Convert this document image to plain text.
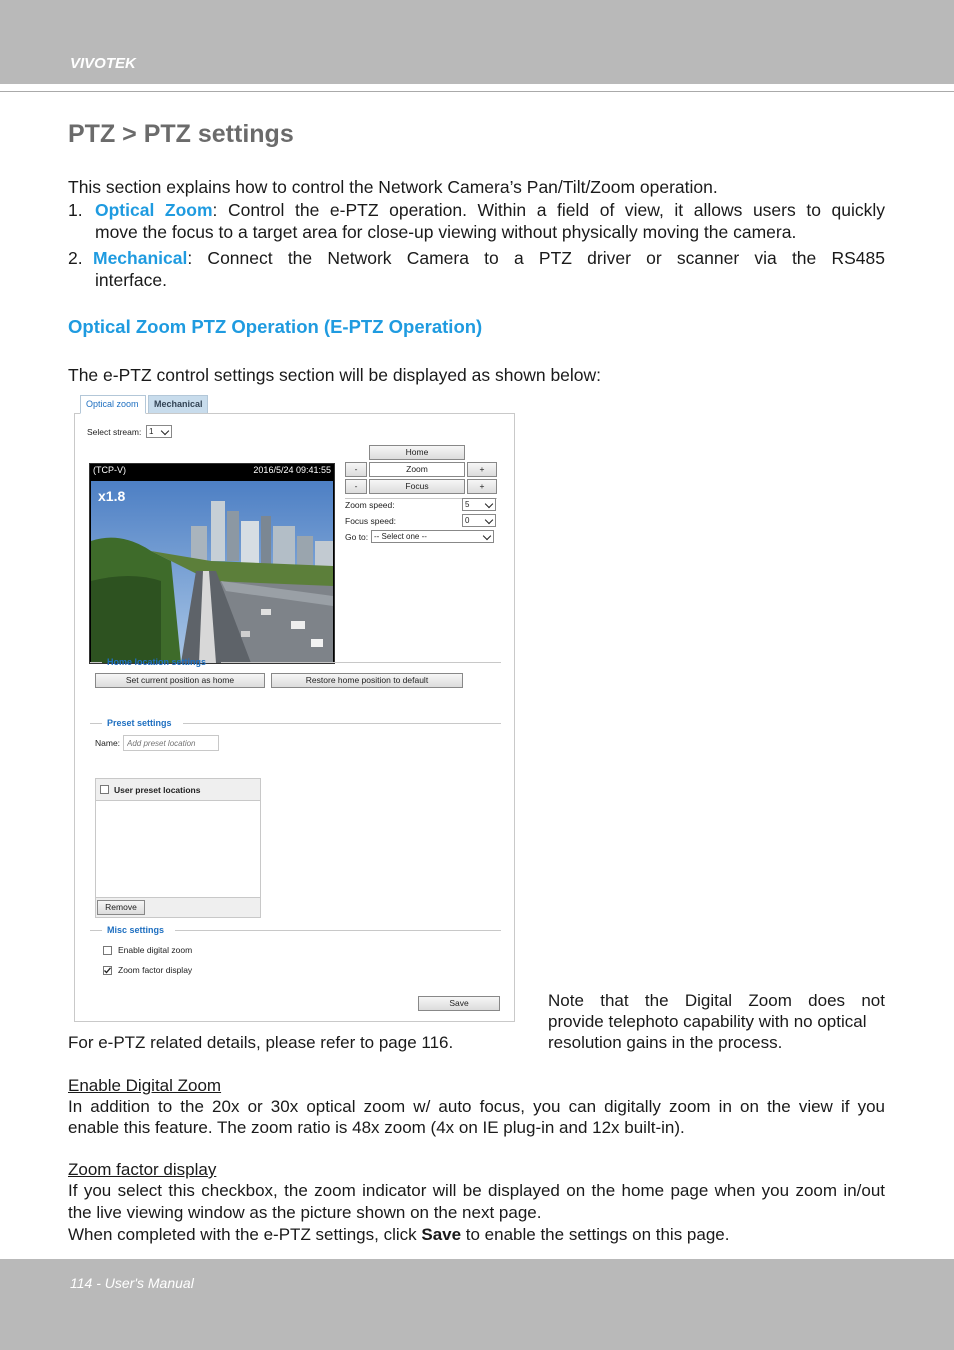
VIVOTEK
PTZ > PTZ settings
This section explains how to control the Network Camera’s Pan/Tilt/Zoom operation.
1. Optical Zoom: Control the e-PTZ operation. Within a field of view, it allows users to quickly
move the focus to a target area for close-up viewing without physically moving the camera.
2. Mechanical: Connect the Network Camera to a PTZ driver or scanner via the RS485
interface.
Optical Zoom PTZ Operation (E-PTZ Operation)
The e-PTZ control settings section will be displayed as shown below:
Optical zoom	Mechanical
Select stream: 1
(TCP-V)	2016/5/24 09:41:55
x1.8
Home
-	Zoom	+
-	Focus	+
Zoom speed:	5
Focus speed:	0
Go to: -- Select one --
Home location settings
Set current position as home	Restore home position to default
Preset settings
Name:
Add preset location
User preset locations
Remove
Misc settings
Enable digital zoom
Zoom factor display
Save	Note that the Digital Zoom does not
provide telephoto capability with no optical
resolution gains in the process.
For e-PTZ related details, please refer to page 116.
Enable Digital Zoom
In addition to the 20x or 30x optical zoom w/ auto focus, you can digitally zoom in on the view if you
enable this feature. The zoom ratio is 48x zoom (4x on IE plug-in and 12x built-in).
Zoom factor display
If you select this checkbox, the zoom indicator will be displayed on the home page when you zoom in/out
the live viewing window as the picture shown on the next page.
When completed with the e-PTZ settings, click Save to enable the settings on this page.
114 - User's Manual
